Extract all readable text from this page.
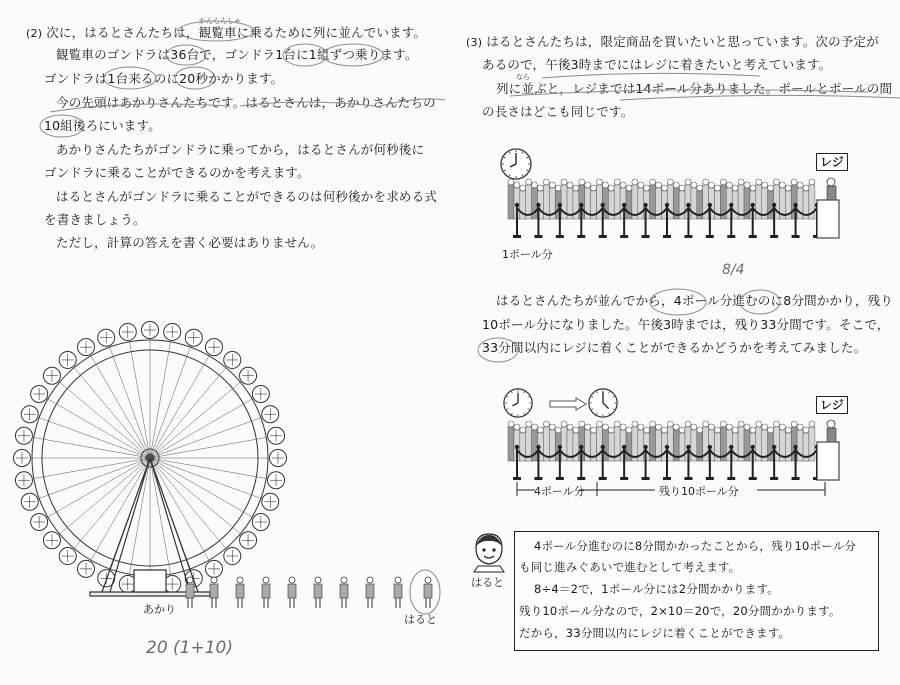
かんらんしゃ
(2) 次に，はるとさんたちは，観覧車に乗るために列に並んでいます。
観覧車のゴンドラは36台で，ゴンドラ1台に1組ずつ乗ります。
ゴンドラは1台来るのに20秒かかります。
今の先頭はあかりさんたちです。はるとさんは，あかりさんたちの
10組後ろにいます。
あかりさんたちがゴンドラに乗ってから，はるとさんが何秒後に
ゴンドラに乗ることができるのかを考えます。
はるとさんがゴンドラに乗ることができるのは何秒後かを求める式
を書きましょう。
ただし，計算の答えを書く必要はありません。
あかり
はると
20 (1+10)
(3) はるとさんたちは，限定商品を買いたいと思っています。次の予定が
あるので，午後3時までにはレジに着きたいと考えています。
なら
列に並ぶと，レジまでは14ポール分ありました。ポールとポールの間
の長さはどこも同じです。
レジ
1ポール分
8/4
はるとさんたちが並んでから，4ポール分進むのに8分間かかり，残り
10ポール分になりました。午後3時までは，残り33分間です。そこで，
33分間以内にレジに着くことができるかどうかを考えてみました。
レジ
4ポール分	残り10ポール分
はると
4ポール分進むのに8分間かかったことから，残り10ポール分
も同じ進みぐあいで進むとして考えます。
8÷4＝2で，1ポール分には2分間かかります。
残り10ポール分なので，2×10＝20で，20分間かかります。
だから，33分間以内にレジに着くことができます。
